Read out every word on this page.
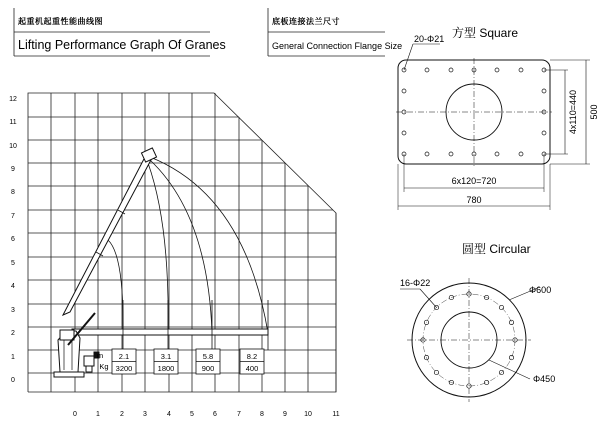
起重机起重性能曲线图
Lifting Performance Graph Of Granes
底板连接法兰尺寸
General Connection Flange Size
0
1
2
3
4
5
6
7
8
9
10
11
12
0	1	2	3	4	5	6	7	8	9 10	11
m
Kg
2.1
3200
3.1
1800
5.8
900
8.2
400
方型 Square
20-Φ21
4x110=440 500
6x120=720
780
圆型 Circular
16-Φ22
Φ600
Φ450
